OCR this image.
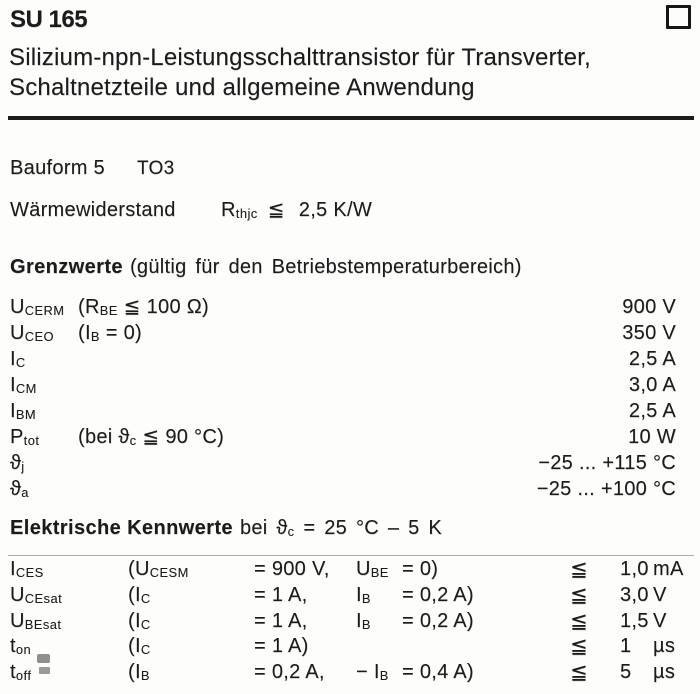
SU 165
Silizium-npn-Leistungsschalttransistor für Transverter,
Schaltnetzteile und allgemeine Anwendung
Bauform 5 TO3
Wärmewiderstand Rthjc ≦ 2,5 K/W
Grenzwerte (gültig für den Betriebstemperaturbereich)
UCERM (RBE ≦ 100 Ω)	900 V
UCEO	(IB = 0)	350 V
IC	2,5 A
ICM	3,0 A
IBM	2,5 A
Ptot	(bei ϑc ≦ 90 °C)	10 W
ϑj	−25 ... +115 °C
ϑa	−25 ... +100 °C
Elektrische Kennwerte bei ϑc = 25 °C – 5 K
ICES	(UCESM	= 900 V,	UBE = 0)	≦	1,0 mA
UCEsat	(IC	= 1 A,	IB	= 0,2 A)	≦	3,0 V
UBEsat	(IC	= 1 A,	IB	= 0,2 A)	≦	1,5 V
ton	(IC	= 1 A)	≦	1	µs
toff	(IB	= 0,2 A,	− IB = 0,4 A)	≦	5	µs
